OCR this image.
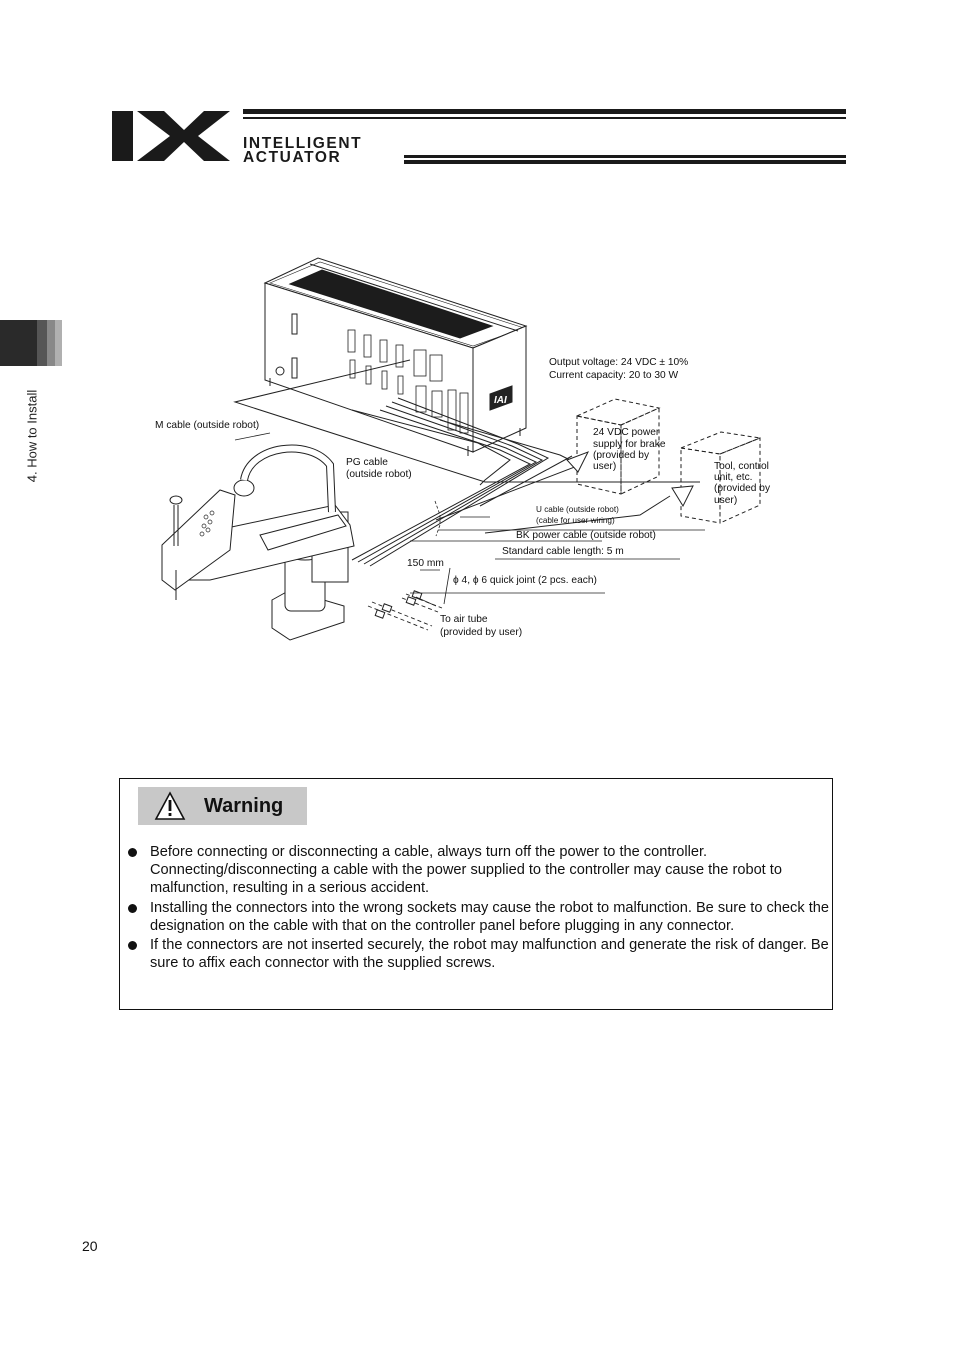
INTELLIGENT
ACTUATOR
4. How to Install	IAI
Output voltage: 24 VDC ± 10%
Current capacity: 20 to 30 W
M cable (outside robot)
PG cable
(outside robot)
24 VDC power
supply for brake
(provided by
user)	Tool, control
unit, etc.
(provided by
user)
U cable (outside robot)
(cable for user wiring)
BK power cable (outside robot)
Standard cable length: 5 m
150 mm
ϕ 4, ϕ 6 quick joint (2 pcs. each)
To air tube
(provided by user)
Warning
Before connecting or disconnecting a cable, always turn off the power to the controller. Connecting/disconnecting a cable with the power supplied to the controller may cause the robot to malfunction, resulting in a serious accident.
Installing the connectors into the wrong sockets may cause the robot to malfunction. Be sure to check the designation on the cable with that on the controller panel before plugging in any connector.
If the connectors are not inserted securely, the robot may malfunction and generate the risk of danger. Be sure to affix each connector with the supplied screws.
20
